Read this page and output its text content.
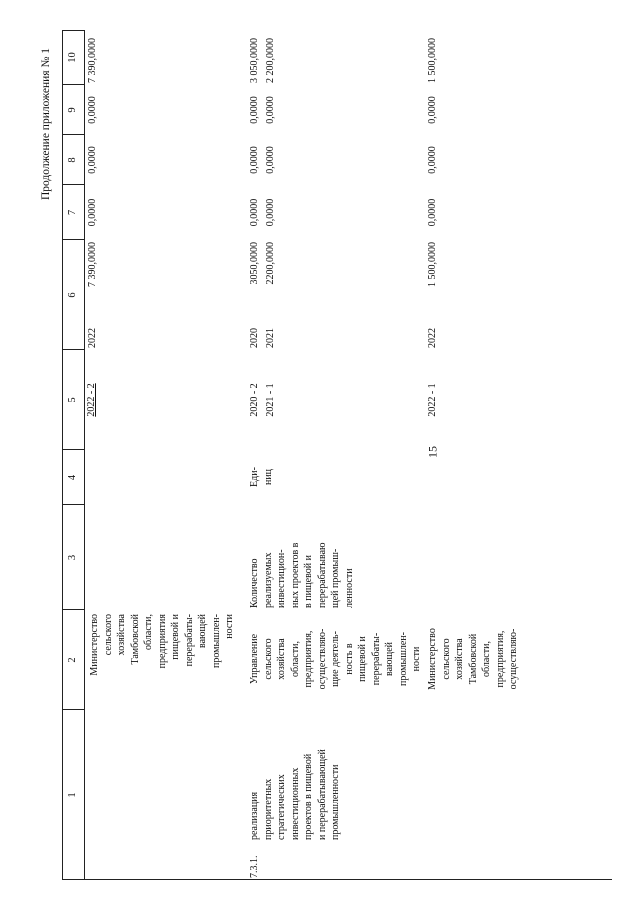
15
Продолжение приложения № 1
1
2
3
4
5
6
7
8
9
10
Министерство
сельского
хозяйства
Тамбовской
области,
предприятия
пищевой и
перерабаты-
вающей
промышлен-
ности
2022 - 2
2022
7 390,0000
0,0000
0,0000
0,0000
7 390,0000
7.3.1.
реализация
приоритетных
стратегических
инвестиционных
проектов в пищевой
и перерабатывающей
промышленности
Управление
сельского
хозяйства
области,
предприятия,
осуществляю-
щие деятель-
ность в
пищевой и
перерабаты-
вающей
промышлен-
ности
Количество
реализуемых
инвестицион-
ных проектов в
в пищевой и
перерабатываю
щей промыш-
ленности
Еди-
ниц
2020 - 2 2021 - 1
2020 2021
3050,0000 2200,0000
0,0000 0,0000
0,0000 0,0000
0,0000 0,0000
3 050,0000 2 200,0000
Министерство
сельского
хозяйства
Тамбовской
области,
предприятия,
осуществляю-
2022 - 1
2022
1 500,0000
0,0000
0,0000
0,0000
1 500,0000
